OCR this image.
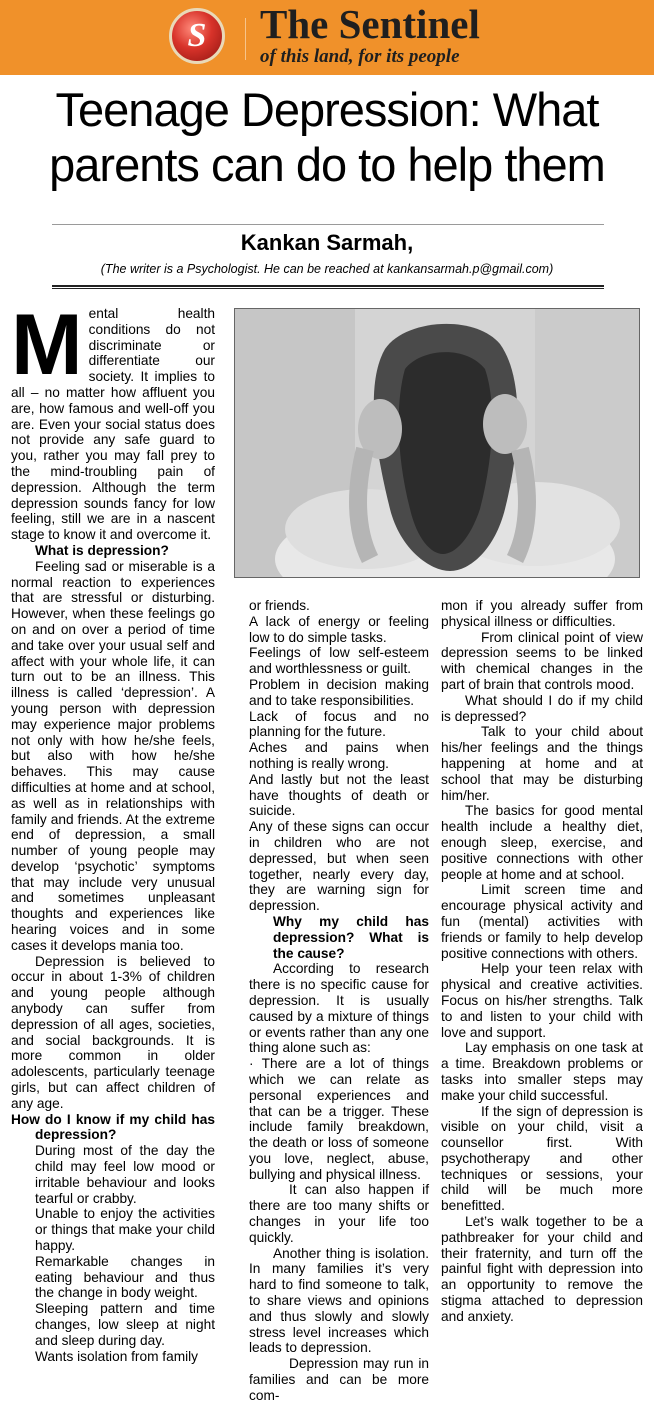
S	The Sentinel
of this land, for its people
Teenage Depression: What
parents can do to help them
Kankan Sarmah,
(The writer is a Psychologist. He can be reached at kankansarmah.p@gmail.com)
M ental health conditions do not discriminate or differentiate our society. It implies to all – no matter how affluent you are, how famous and well-off you are. Even your social status does not provide any safe guard to you, rather you may fall prey to the mind-troubling pain of depression. Although the term depression sounds fancy for low feeling, still we are in a nascent stage to know it and overcome it.

What is depression?

Feeling sad or miserable is a normal reaction to experiences that are stressful or disturbing. However, when these feelings go on and on over a period of time and take over your usual self and affect with your whole life, it can turn out to be an illness. This illness is called ‘depression’. A young person with depression may experience major problems not only with how he/she feels, but also with how he/she behaves. This may cause difficulties at home and at school, as well as in relationships with family and friends. At the extreme end of depression, a small number of young people may develop ‘psychotic’ symptoms that may include very unusual and sometimes unpleasant thoughts and experiences like hearing voices and in some cases it develops mania too.

Depression is believed to occur in about 1-3% of children and young people although anybody can suffer from depression of all ages, societies, and social backgrounds. It is more common in older adolescents, particularly teenage girls, but can affect children of any age.

How do I know if my child has depression?

During most of the day the child may feel low mood or irritable behaviour and looks tearful or crabby.

Unable to enjoy the activities or things that make your child happy.

Remarkable changes in eating behaviour and thus the change in body weight.

Sleeping pattern and time changes, low sleep at night and sleep during day.

Wants isolation from family

or friends.

A lack of energy or feeling low to do simple tasks.

Feelings of low self-esteem and worthlessness or guilt.

Problem in decision making and to take responsibilities.

Lack of focus and no planning for the future.

Aches and pains when nothing is really wrong.

And lastly but not the least have thoughts of death or suicide.

Any of these signs can occur in children who are not depressed, but when seen together, nearly every day, they are warning sign for depression.

Why my child has depression? What is the cause?

According to research there is no specific cause for depression. It is usually caused by a mixture of things or events rather than any one thing alone such as:

· There are a lot of things which we can relate as personal experiences and that can be a trigger. These include family breakdown, the death or loss of someone you love, neglect, abuse, bullying and physical illness.

It can also happen if there are too many shifts or changes in your life too quickly.

Another thing is isolation. In many families it’s very hard to find someone to talk, to share views and opinions and thus slowly and slowly stress level increases which leads to depression.

Depression may run in families and can be more com-

mon if you already suffer from physical illness or difficulties.

From clinical point of view depression seems to be linked with chemical changes in the part of brain that controls mood.

What should I do if my child is depressed?

Talk to your child about his/her feelings and the things happening at home and at school that may be disturbing him/her.

The basics for good mental health include a healthy diet, enough sleep, exercise, and positive connections with other people at home and at school.

Limit screen time and encourage physical activity and fun (mental) activities with friends or family to help develop positive connections with others.

Help your teen relax with physical and creative activities. Focus on his/her strengths. Talk to and listen to your child with love and support.

Lay emphasis on one task at a time. Breakdown problems or tasks into smaller steps may make your child successful.

If the sign of depression is visible on your child, visit a counsellor first. With psychotherapy and other techniques or sessions, your child will be much more benefitted.

Let’s walk together to be a pathbreaker for your child and their fraternity, and turn off the painful fight with depression into an opportunity to remove the stigma attached to depression and anxiety.
